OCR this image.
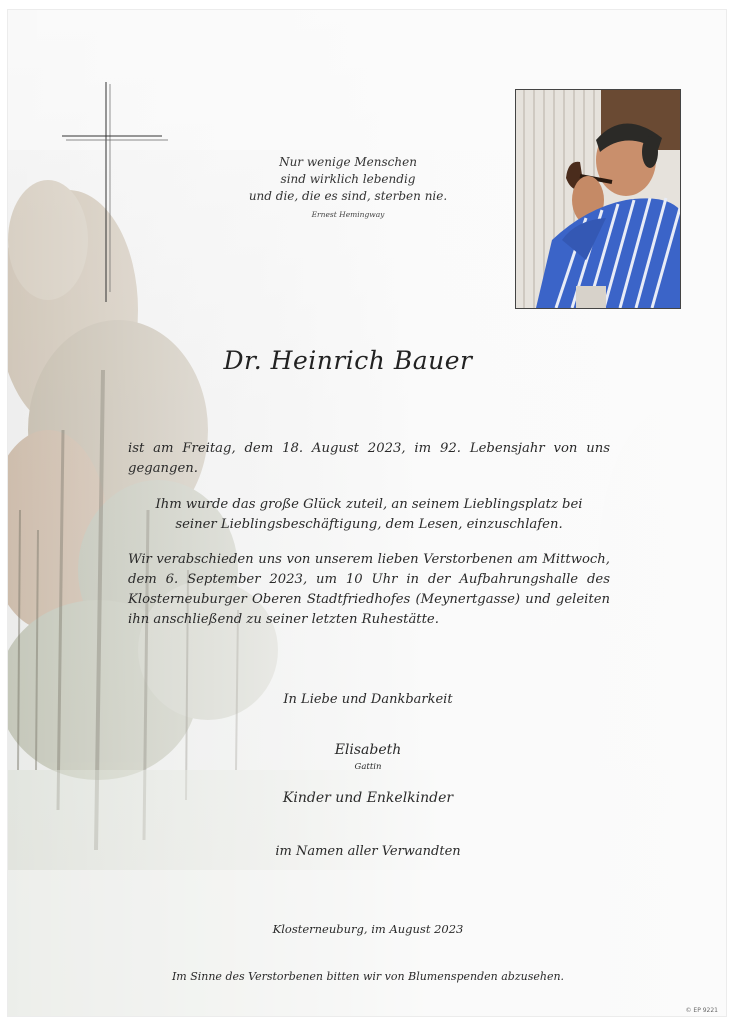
Nur wenige Menschen
sind wirklich lebendig
und die, die es sind, sterben nie.
Ernest Hemingway
Dr. Heinrich Bauer
ist am Freitag, dem 18. August 2023, im 92. Lebensjahr von uns gegangen.
Ihm wurde das große Glück zuteil, an seinem Lieblingsplatz bei
seiner Lieblingsbeschäftigung, dem Lesen, einzuschlafen.
Wir verabschieden uns von unserem lieben Verstorbenen am Mittwoch, dem 6. September 2023, um 10 Uhr in der Aufbahrungshalle des Klosterneuburger Oberen Stadtfriedhofes (Meynertgasse) und geleiten ihn anschließend zu seiner letzten Ruhestätte.
In Liebe und Dankbarkeit
Elisabeth
Gattin
Kinder und Enkelkinder
im Namen aller Verwandten
Klosterneuburg, im August 2023
Im Sinne des Verstorbenen bitten wir von Blumenspenden abzusehen.
© EP 9221
